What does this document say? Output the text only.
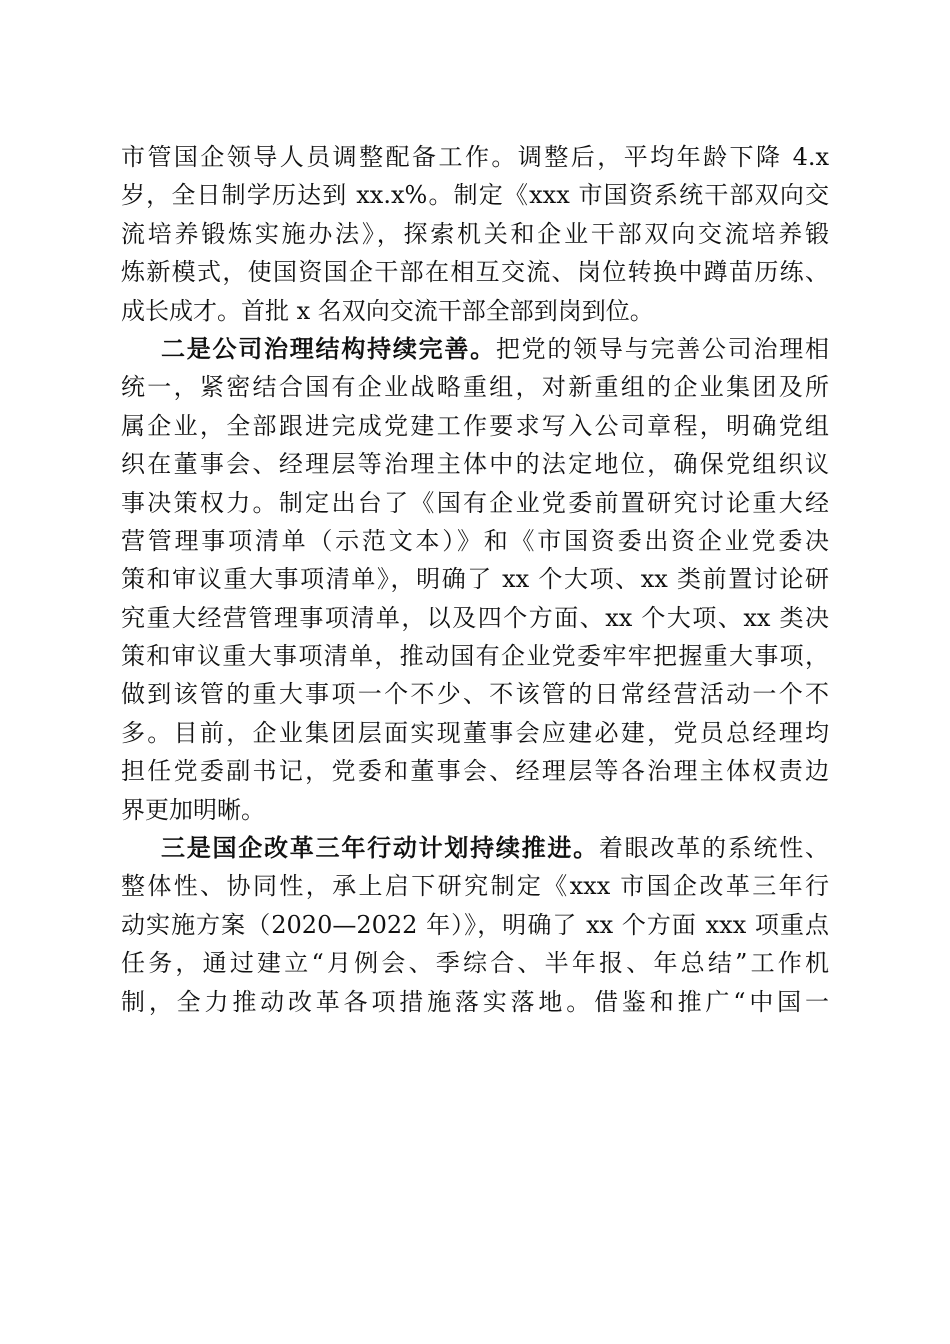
市管国企领导人员调整配备工作。调整后，平均年龄下降 4.x
岁，全日制学历达到 xx.x%。制定《xxx 市国资系统干部双向交
流培养锻炼实施办法》，探索机关和企业干部双向交流培养锻
炼新模式，使国资国企干部在相互交流、岗位转换中蹲苗历练、
成长成才。首批 x 名双向交流干部全部到岗到位。
二是公司治理结构持续完善。把党的领导与完善公司治理相
统一，紧密结合国有企业战略重组，对新重组的企业集团及所
属企业，全部跟进完成党建工作要求写入公司章程，明确党组
织在董事会、经理层等治理主体中的法定地位，确保党组织议
事决策权力。制定出台了《国有企业党委前置研究讨论重大经
营管理事项清单（示范文本）》和《市国资委出资企业党委决
策和审议重大事项清单》，明确了 xx 个大项、xx 类前置讨论研
究重大经营管理事项清单，以及四个方面、xx 个大项、xx 类决
策和审议重大事项清单，推动国有企业党委牢牢把握重大事项，
做到该管的重大事项一个不少、不该管的日常经营活动一个不
多。目前，企业集团层面实现董事会应建必建，党员总经理均
担任党委副书记，党委和董事会、经理层等各治理主体权责边
界更加明晰。
三是国企改革三年行动计划持续推进。着眼改革的系统性、
整体性、协同性，承上启下研究制定《xxx 市国企改革三年行
动实施方案（2020—2022 年）》，明确了 xx 个方面 xxx 项重点
任务，通过建立“月例会、季综合、半年报、年总结”工作机
制，全力推动改革各项措施落实落地。借鉴和推广“中国一
